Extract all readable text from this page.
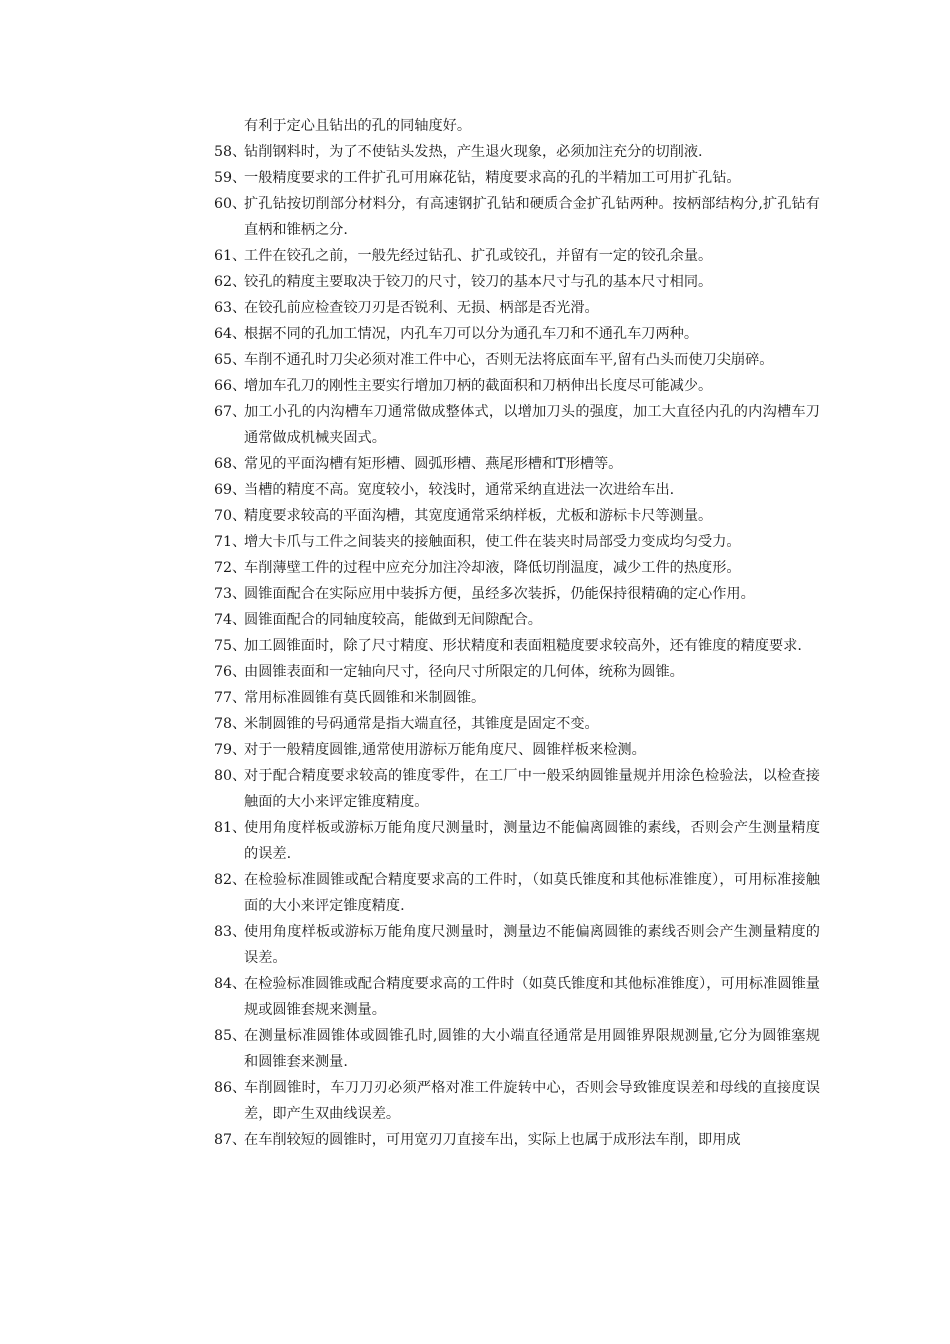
有利于定心且钻出的孔的同轴度好。
58、
钻削钢料时，为了不使钻头发热，产生退火现象，必须加注充分的切削液.
59、
一般精度要求的工件扩孔可用麻花钻，精度要求高的孔的半精加工可用扩孔钻。
60、
扩孔钻按切削部分材料分，有高速钢扩孔钻和硬质合金扩孔钻两种。按柄部结构分,扩孔钻有直柄和锥柄之分.
61、
工件在铰孔之前，一般先经过钻孔、扩孔或铰孔，并留有一定的铰孔余量。
62、
铰孔的精度主要取决于铰刀的尺寸，铰刀的基本尺寸与孔的基本尺寸相同。
63、
在铰孔前应检查铰刀刃是否锐利、无损、柄部是否光滑。
64、
根据不同的孔加工情况，内孔车刀可以分为通孔车刀和不通孔车刀两种。
65、
车削不通孔时刀尖必须对准工件中心，否则无法将底面车平,留有凸头而使刀尖崩碎。
66、
增加车孔刀的刚性主要实行增加刀柄的截面积和刀柄伸出长度尽可能减少。
67、
加工小孔的内沟槽车刀通常做成整体式，以增加刀头的强度，加工大直径内孔的内沟槽车刀通常做成机械夹固式。
68、
常见的平面沟槽有矩形槽、圆弧形槽、燕尾形槽和T形槽等。
69、
当槽的精度不高。宽度较小，较浅时，通常采纳直进法一次进给车出.
70、
精度要求较高的平面沟槽，其宽度通常采纳样板，尤板和游标卡尺等测量。
71、
增大卡爪与工件之间装夹的接触面积，使工件在装夹时局部受力变成均匀受力。
72、
车削薄壁工件的过程中应充分加注冷却液，降低切削温度，减少工件的热度形。
73、
圆锥面配合在实际应用中装拆方便，虽经多次装拆，仍能保持很精确的定心作用。
74、
圆锥面配合的同轴度较高，能做到无间隙配合。
75、
加工圆锥面时，除了尺寸精度、形状精度和表面粗糙度要求较高外，还有锥度的精度要求.
76、
由圆锥表面和一定轴向尺寸，径向尺寸所限定的几何体，统称为圆锥。
77、
常用标准圆锥有莫氏圆锥和米制圆锥。
78、
米制圆锥的号码通常是指大端直径，其锥度是固定不变。
79、
对于一般精度圆锥,通常使用游标万能角度尺、圆锥样板来检测。
80、
对于配合精度要求较高的锥度零件，在工厂中一般采纳圆锥量规并用涂色检验法，以检查接触面的大小来评定锥度精度。
81、
使用角度样板或游标万能角度尺测量时，测量边不能偏离圆锥的素线，否则会产生测量精度的误差.
82、
在检验标准圆锥或配合精度要求高的工件时，（如莫氏锥度和其他标准锥度），可用标准接触面的大小来评定锥度精度.
83、
使用角度样板或游标万能角度尺测量时，测量边不能偏离圆锥的素线否则会产生测量精度的误差。
84、
在检验标准圆锥或配合精度要求高的工件时（如莫氏锥度和其他标准锥度），可用标准圆锥量规或圆锥套规来测量。
85、
在测量标准圆锥体或圆锥孔时,圆锥的大小端直径通常是用圆锥界限规测量,它分为圆锥塞规和圆锥套来测量.
86、
车削圆锥时，车刀刀刃必须严格对准工件旋转中心，否则会导致锥度误差和母线的直接度误差，即产生双曲线误差。
87、
在车削较短的圆锥时，可用宽刃刀直接车出，实际上也属于成形法车削，即用成
